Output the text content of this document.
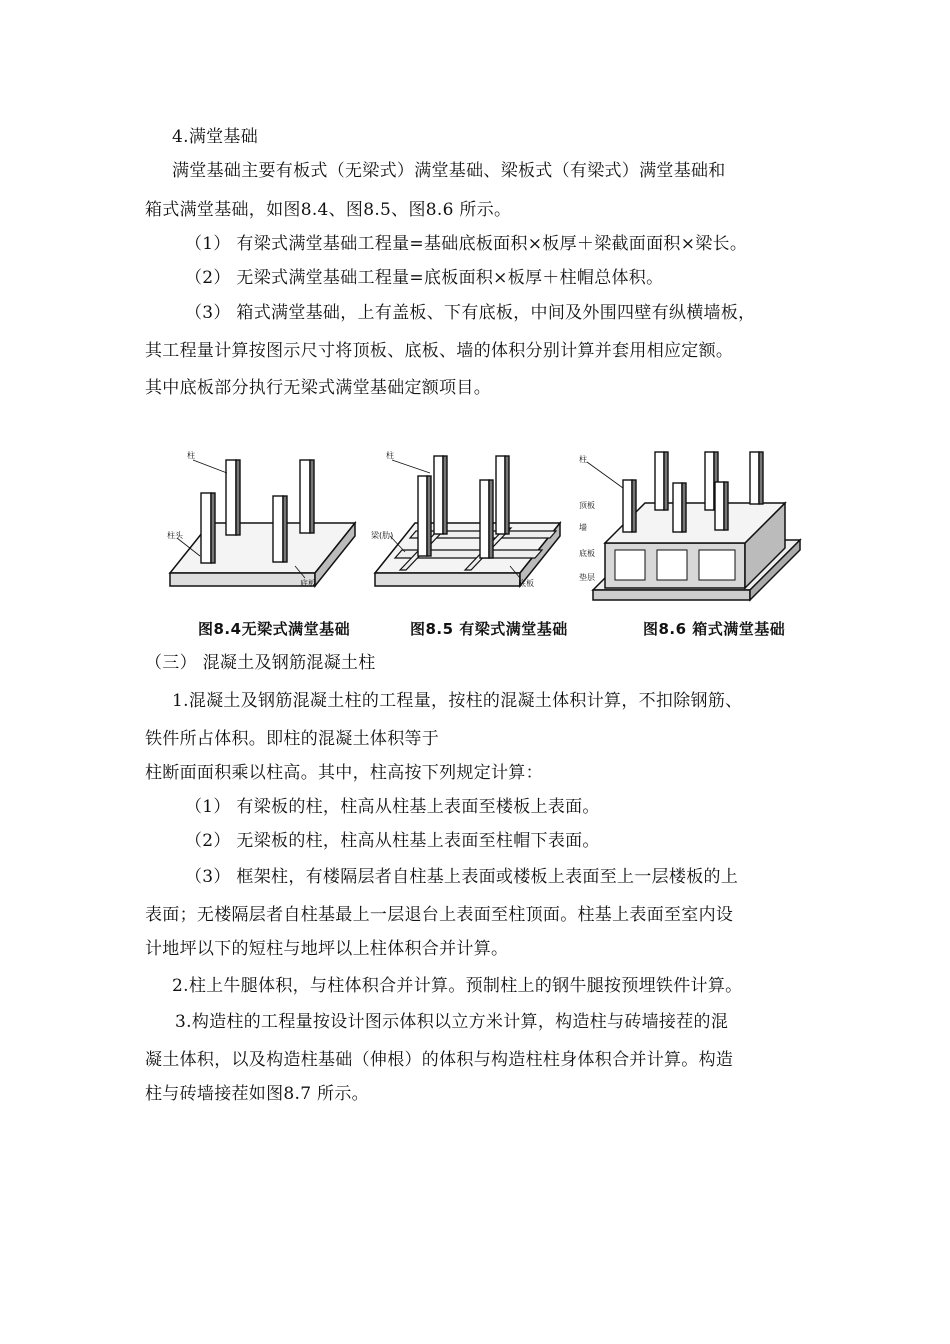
4.满堂基础
满堂基础主要有板式（无梁式）满堂基础、梁板式（有梁式）满堂基础和
箱式满堂基础，如图8.4、图8.5、图8.6 所示。
（1） 有梁式满堂基础工程量=基础底板面积×板厚＋梁截面面积×梁长。
（2） 无梁式满堂基础工程量=底板面积×板厚＋柱帽总体积。
（3） 箱式满堂基础，上有盖板、下有底板，中间及外围四壁有纵横墙板，
其工程量计算按图示尺寸将顶板、底板、墙的体积分别计算并套用相应定额。
其中底板部分执行无梁式满堂基础定额项目。
柱
柱头
底板
柱
梁(肋)
底板
柱
顶板
墙
底板
垫层
图8.4无梁式满堂基础	图8.5 有梁式满堂基础	图8.6 箱式满堂基础
（三） 混凝土及钢筋混凝土柱
1.混凝土及钢筋混凝土柱的工程量，按柱的混凝土体积计算，不扣除钢筋、
铁件所占体积。即柱的混凝土体积等于
柱断面面积乘以柱高。其中，柱高按下列规定计算：
（1） 有梁板的柱，柱高从柱基上表面至楼板上表面。
（2） 无梁板的柱，柱高从柱基上表面至柱帽下表面。
（3） 框架柱，有楼隔层者自柱基上表面或楼板上表面至上一层楼板的上
表面；无楼隔层者自柱基最上一层退台上表面至柱顶面。柱基上表面至室内设
计地坪以下的短柱与地坪以上柱体积合并计算。
2.柱上牛腿体积，与柱体积合并计算。预制柱上的钢牛腿按预埋铁件计算。
3.构造柱的工程量按设计图示体积以立方米计算，构造柱与砖墙接茬的混
凝土体积，以及构造柱基础（伸根）的体积与构造柱柱身体积合并计算。构造
柱与砖墙接茬如图8.7 所示。
